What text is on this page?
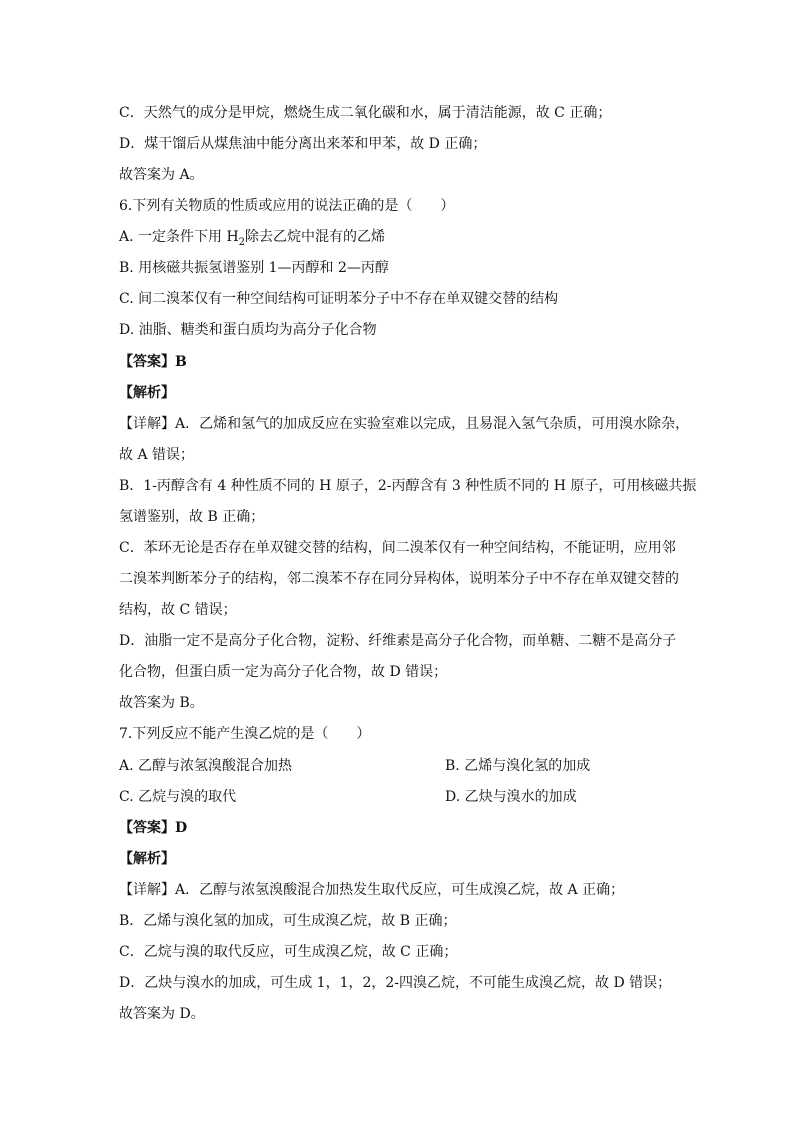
C．天然气的成分是甲烷，燃烧生成二氧化碳和水，属于清洁能源，故 C 正确；
D．煤干馏后从煤焦油中能分离出来苯和甲苯，故 D 正确；
故答案为 A。
6.下列有关物质的性质或应用的说法正确的是（　　）
A. 一定条件下用 $H_2$除去乙烷中混有的乙烯
B. 用核磁共振氢谱鉴别 1—丙醇和 2—丙醇
C. 间二溴苯仅有一种空间结构可证明苯分子中不存在单双键交替的结构
D. 油脂、糖类和蛋白质均为高分子化合物
【答案】B
【解析】
【详解】A．乙烯和氢气的加成反应在实验室难以完成，且易混入氢气杂质，可用溴水除杂，
故 A 错误；
B．1-丙醇含有 4 种性质不同的 H 原子，2-丙醇含有 3 种性质不同的 H 原子，可用核磁共振
氢谱鉴别，故 B 正确；
C．苯环无论是否存在单双键交替的结构，间二溴苯仅有一种空间结构，不能证明，应用邻
二溴苯判断苯分子的结构，邻二溴苯不存在同分异构体，说明苯分子中不存在单双键交替的
结构，故 C 错误；
D．油脂一定不是高分子化合物，淀粉、纤维素是高分子化合物，而单糖、二糖不是高分子
化合物，但蛋白质一定为高分子化合物，故 D 错误；
故答案为 B。
7.下列反应不能产生溴乙烷的是（　　）
A. 乙醇与浓氢溴酸混合加热	B. 乙烯与溴化氢的加成
C. 乙烷与溴的取代	D. 乙炔与溴水的加成
【答案】D
【解析】
【详解】A．乙醇与浓氢溴酸混合加热发生取代反应，可生成溴乙烷，故 A 正确；
B．乙烯与溴化氢的加成，可生成溴乙烷，故 B 正确；
C．乙烷与溴的取代反应，可生成溴乙烷，故 C 正确；
D．乙炔与溴水的加成，可生成 1，1，2，2-四溴乙烷，不可能生成溴乙烷，故 D 错误；
故答案为 D。
